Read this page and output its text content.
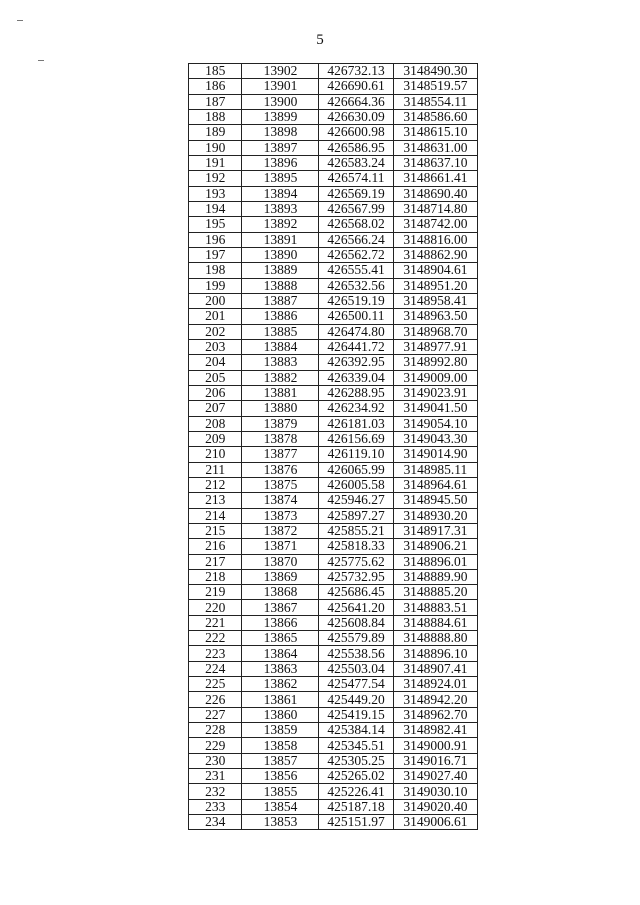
5
185	13902	426732.13	3148490.30
186	13901	426690.61	3148519.57
187	13900	426664.36	3148554.11
188	13899	426630.09	3148586.60
189	13898	426600.98	3148615.10
190	13897	426586.95	3148631.00
191	13896	426583.24	3148637.10
192	13895	426574.11	3148661.41
193	13894	426569.19	3148690.40
194	13893	426567.99	3148714.80
195	13892	426568.02	3148742.00
196	13891	426566.24	3148816.00
197	13890	426562.72	3148862.90
198	13889	426555.41	3148904.61
199	13888	426532.56	3148951.20
200	13887	426519.19	3148958.41
201	13886	426500.11	3148963.50
202	13885	426474.80	3148968.70
203	13884	426441.72	3148977.91
204	13883	426392.95	3148992.80
205	13882	426339.04	3149009.00
206	13881	426288.95	3149023.91
207	13880	426234.92	3149041.50
208	13879	426181.03	3149054.10
209	13878	426156.69	3149043.30
210	13877	426119.10	3149014.90
211	13876	426065.99	3148985.11
212	13875	426005.58	3148964.61
213	13874	425946.27	3148945.50
214	13873	425897.27	3148930.20
215	13872	425855.21	3148917.31
216	13871	425818.33	3148906.21
217	13870	425775.62	3148896.01
218	13869	425732.95	3148889.90
219	13868	425686.45	3148885.20
220	13867	425641.20	3148883.51
221	13866	425608.84	3148884.61
222	13865	425579.89	3148888.80
223	13864	425538.56	3148896.10
224	13863	425503.04	3148907.41
225	13862	425477.54	3148924.01
226	13861	425449.20	3148942.20
227	13860	425419.15	3148962.70
228	13859	425384.14	3148982.41
229	13858	425345.51	3149000.91
230	13857	425305.25	3149016.71
231	13856	425265.02	3149027.40
232	13855	425226.41	3149030.10
233	13854	425187.18	3149020.40
234	13853	425151.97	3149006.61
